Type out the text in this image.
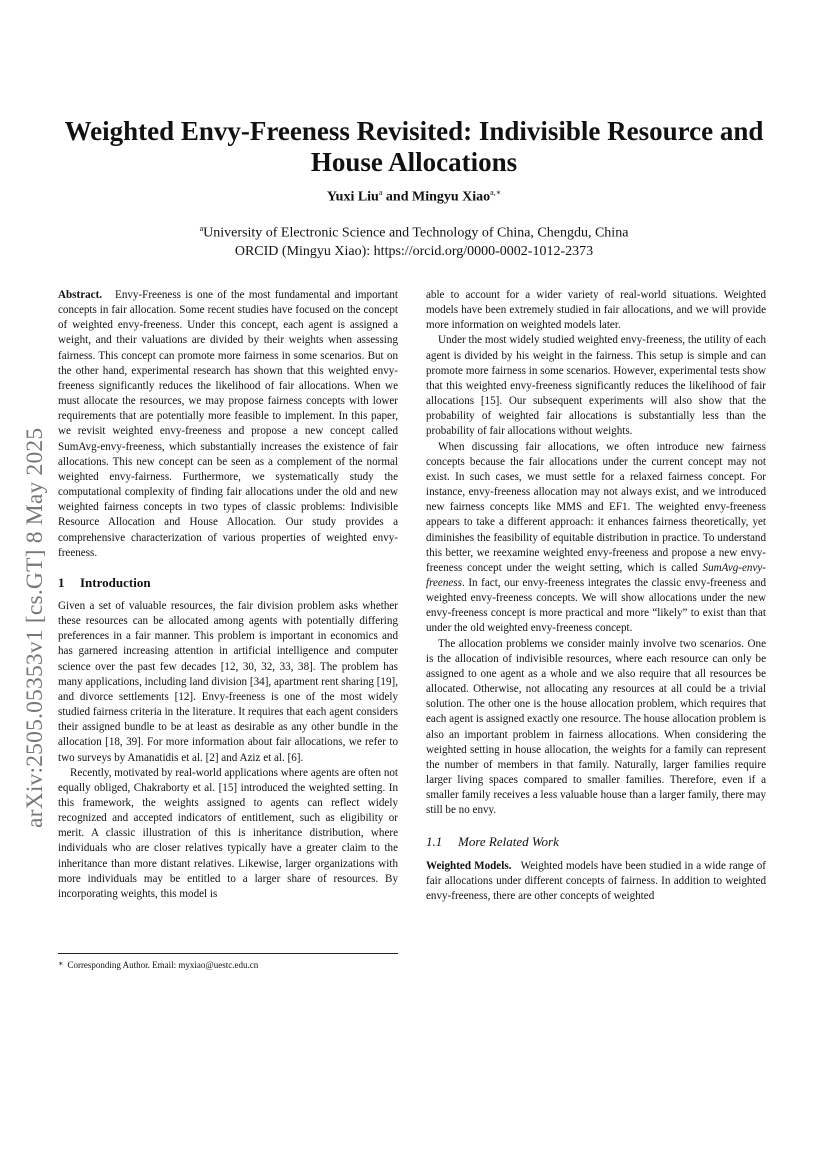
arXiv:2505.05353v1 [cs.GT] 8 May 2025
Weighted Envy-Freeness Revisited: Indivisible Resource and House Allocations
Yuxi Liu$^a$ and Mingyu Xiao$^{a,∗}$
$^a$University of Electronic Science and Technology of China, Chengdu, China
ORCID (Mingyu Xiao): https://orcid.org/0000-0002-1012-2373

Abstract. Envy-Freeness is one of the most fundamental and important concepts in fair allocation. Some recent studies have focused on the concept of weighted envy-freeness. Under this concept, each agent is assigned a weight, and their valuations are divided by their weights when assessing fairness. This concept can promote more fairness in some scenarios. But on the other hand, experimental research has shown that this weighted envy-freeness significantly reduces the likelihood of fair allocations. When we must allocate the resources, we may propose fairness concepts with lower requirements that are potentially more feasible to implement. In this paper, we revisit weighted envy-freeness and propose a new concept called SumAvg-envy-freeness, which substantially increases the existence of fair allocations. This new concept can be seen as a complement of the normal weighted envy-fairness. Furthermore, we systematically study the computational complexity of finding fair allocations under the old and new weighted fairness concepts in two types of classic problems: Indivisible Resource Allocation and House Allocation. Our study provides a comprehensive characterization of various properties of weighted envy-freeness.

1 Introduction

Given a set of valuable resources, the fair division problem asks whether these resources can be allocated among agents with potentially differing preferences in a fair manner. This problem is important in economics and has garnered increasing attention in artificial intelligence and computer science over the past few decades [12, 30, 32, 33, 38]. The problem has many applications, including land division [34], apartment rent sharing [19], and divorce settlements [12]. Envy-freeness is one of the most widely studied fairness criteria in the literature. It requires that each agent considers their assigned bundle to be at least as desirable as any other bundle in the allocation [18, 39]. For more information about fair allocations, we refer to two surveys by Amanatidis et al. [2] and Aziz et al. [6].

Recently, motivated by real-world applications where agents are often not equally obliged, Chakraborty et al. [15] introduced the weighted setting. In this framework, the weights assigned to agents can reflect widely recognized and accepted indicators of entitlement, such as eligibility or merit. A classic illustration of this is inheritance distribution, where individuals who are closer relatives typically have a greater claim to the inheritance than more distant relatives. Likewise, larger organizations with more individuals may be entitled to a larger share of resources. By incorporating weights, this model is

∗ Corresponding Author. Email: myxiao@uestc.edu.cn

able to account for a wider variety of real-world situations. Weighted models have been extremely studied in fair allocations, and we will provide more information on weighted models later.

Under the most widely studied weighted envy-freeness, the utility of each agent is divided by his weight in the fairness. This setup is simple and can promote more fairness in some scenarios. However, experimental tests show that this weighted envy-freeness significantly reduces the likelihood of fair allocations [15]. Our subsequent experiments will also show that the probability of weighted fair allocations is substantially less than the probability of fair allocations without weights.

When discussing fair allocations, we often introduce new fairness concepts because the fair allocations under the current concept may not exist. In such cases, we must settle for a relaxed fairness concept. For instance, envy-freeness allocation may not always exist, and we introduced new fairness concepts like MMS and EF1. The weighted envy-freeness appears to take a different approach: it enhances fairness theoretically, yet diminishes the feasibility of equitable distribution in practice. To understand this better, we reexamine weighted envy-freeness and propose a new envy-freeness concept under the weight setting, which is called SumAvg-envy-freeness. In fact, our envy-freeness integrates the classic envy-freeness and weighted envy-freeness concepts. We will show allocations under the new envy-freeness concept is more practical and more “likely” to exist than that under the old weighted envy-freeness concept.

The allocation problems we consider mainly involve two scenarios. One is the allocation of indivisible resources, where each resource can only be assigned to one agent as a whole and we also require that all resources be allocated. Otherwise, not allocating any resources at all could be a trivial solution. The other one is the house allocation problem, which requires that each agent is assigned exactly one resource. The house allocation problem is also an important problem in fairness allocations. When considering the weighted setting in house allocation, the weights for a family can represent the number of members in that family. Naturally, larger families require larger living spaces compared to smaller families. Therefore, even if a smaller family receives a less valuable house than a larger family, there may still be no envy.

1.1 More Related Work

Weighted Models. Weighted models have been studied in a wide range of fair allocations under different concepts of fairness. In addition to weighted envy-freeness, there are other concepts of weighted
